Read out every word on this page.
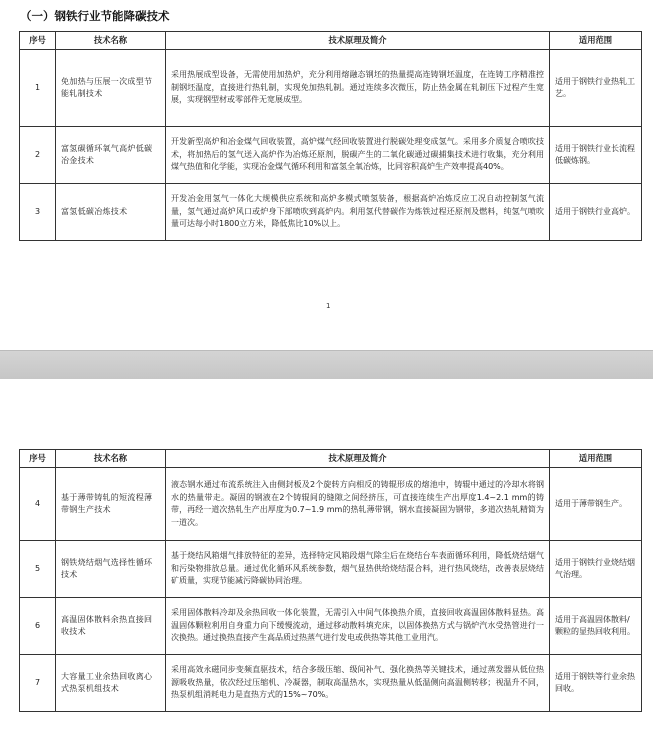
（一）钢铁行业节能降碳技术
序号	技术名称	技术原理及简介	适用范围
1	免加热与压展一次成型节能轧制技术	采用热展成型设备，无需使用加热炉，充分利用熔融态钢坯的热量提高连铸钢坯温度，在连铸工序精准控制钢坯温度，直接进行热轧制，实现免加热轧制。通过连续多次微压，防止热金属在轧制压下过程产生宽展，实现钢型材或零部件无宽展成型。	适用于钢铁行业热轧工艺。
2	富氢碳循环氧气高炉低碳冶金技术	开发新型高炉和冶金煤气回收装置，高炉煤气经回收装置进行脱碳处理变成氢气。采用多介质复合喷吹技术，将加热后的氢气送入高炉作为冶炼还原剂，脱碳产生的二氧化碳通过碳捕集技术进行收集，充分利用煤气热值和化学能，实现冶金煤气循环利用和富氢全氧冶炼，比同容积高炉生产效率提高40%。	适用于钢铁行业长流程低碳炼钢。
3	富氢低碳冶炼技术	开发冶金用氢气一体化大规模供应系统和高炉多模式喷氢装备，根据高炉冶炼反应工况自动控制氢气流量，氢气通过高炉风口或炉身下部喷吹到高炉内。利用氢代替碳作为炼铁过程还原剂及燃料，纯氢气喷吹量可达每小时1800立方米，降低焦比10%以上。	适用于钢铁行业高炉。
1
序号	技术名称	技术原理及简介	适用范围
4	基于薄带铸轧的短流程薄带钢生产技术	液态钢水通过布流系统注入由侧封板及2个旋转方向相反的铸辊形成的熔池中，铸辊中通过的冷却水将钢水的热量带走。凝固的钢液在2个铸辊间的缝隙之间经挤压，可直接连续生产出厚度1.4~2.1 mm的铸带，再经一道次热轧生产出厚度为0.7~1.9 mm的热轧薄带钢，钢水直接凝固为钢带，多道次热轧精简为一道次。	适用于薄带钢生产。
5	钢铁烧结烟气选择性循环技术	基于烧结风箱烟气排放特征的差异，选择特定风箱段烟气除尘后在烧结台车表面循环利用，降低烧结烟气和污染物排放总量。通过优化循环风系统参数，烟气显热供给烧结混合料，进行热风烧结，改善表层烧结矿质量，实现节能减污降碳协同治理。	适用于钢铁行业烧结烟气治理。
6	高温固体散料余热直接回收技术	采用固体散料冷却及余热回收一体化装置，无需引入中间气体换热介质，直接回收高温固体散料显热。高温固体颗粒利用自身重力向下缓慢流动，通过移动散料填充床，以固体换热方式与锅炉汽水受热管进行一次换热。通过换热直接产生高品质过热蒸气进行发电或供热等其他工业用汽。	适用于高温固体散料/颗粒的显热回收利用。
7	大容量工业余热回收离心式热泵机组技术	采用高效永磁同步变频直驱技术，结合多级压缩、级间补气、强化换热等关键技术，通过蒸发器从低位热源吸收热量，依次经过压缩机、冷凝器，制取高温热水，实现热量从低温侧向高温侧转移；视温升不同，热泵机组消耗电力是直热方式的15%~70%。	适用于钢铁等行业余热回收。
